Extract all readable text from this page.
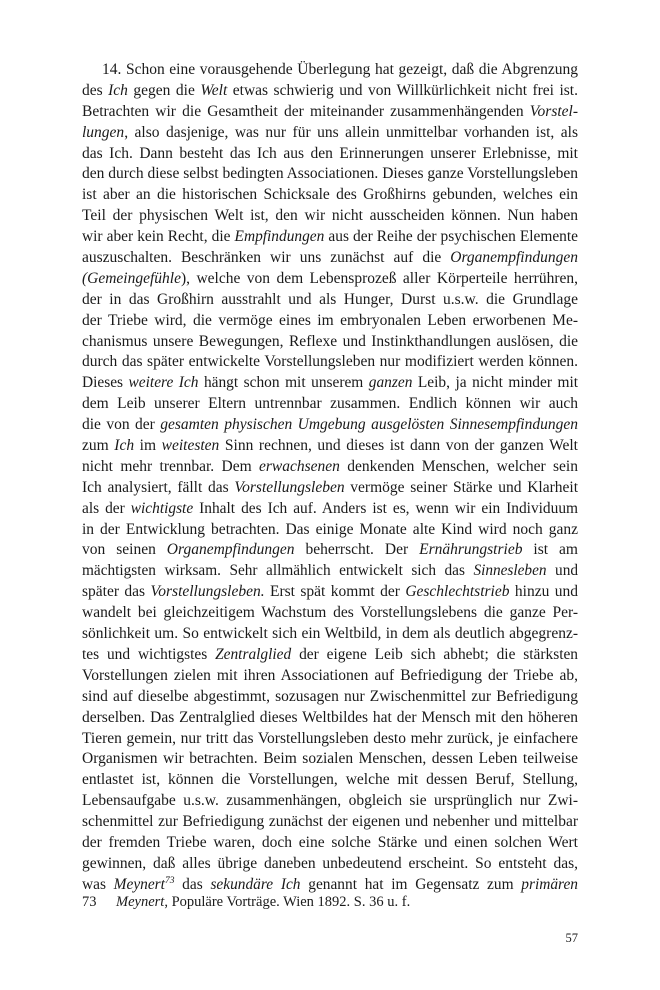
14. Schon eine vorausgehende Überlegung hat gezeigt, daß die Abgrenzung
des Ich gegen die Welt etwas schwierig und von Willkürlichkeit nicht frei ist.
Betrachten wir die Gesamtheit der miteinander zusammenhängenden Vorstel-
lungen, also dasjenige, was nur für uns allein unmittelbar vorhanden ist, als
das Ich. Dann besteht das Ich aus den Erinnerungen unserer Erlebnisse, mit
den durch diese selbst bedingten Associationen. Dieses ganze Vorstellungsleben
ist aber an die historischen Schicksale des Großhirns gebunden, welches ein
Teil der physischen Welt ist, den wir nicht ausscheiden können. Nun haben
wir aber kein Recht, die Empfindungen aus der Reihe der psychischen Elemente
auszuschalten. Beschränken wir uns zunächst auf die Organempfindungen
(Gemeingefühle), welche von dem Lebensprozeß aller Körperteile herrühren,
der in das Großhirn ausstrahlt und als Hunger, Durst u.s.w. die Grundlage
der Triebe wird, die vermöge eines im embryonalen Leben erworbenen Me-
chanismus unsere Bewegungen, Reflexe und Instinkthandlungen auslösen, die
durch das später entwickelte Vorstellungsleben nur modifiziert werden können.
Dieses weitere Ich hängt schon mit unserem ganzen Leib, ja nicht minder mit
dem Leib unserer Eltern untrennbar zusammen. Endlich können wir auch
die von der gesamten physischen Umgebung ausgelösten Sinnesempfindungen
zum Ich im weitesten Sinn rechnen, und dieses ist dann von der ganzen Welt
nicht mehr trennbar. Dem erwachsenen denkenden Menschen, welcher sein
Ich analysiert, fällt das Vorstellungsleben vermöge seiner Stärke und Klarheit
als der wichtigste Inhalt des Ich auf. Anders ist es, wenn wir ein Individuum
in der Entwicklung betrachten. Das einige Monate alte Kind wird noch ganz
von seinen Organempfindungen beherrscht. Der Ernährungstrieb ist am
mächtigsten wirksam. Sehr allmählich entwickelt sich das Sinnesleben und
später das Vorstellungsleben. Erst spät kommt der Geschlechtstrieb hinzu und
wandelt bei gleichzeitigem Wachstum des Vorstellungslebens die ganze Per-
sönlichkeit um. So entwickelt sich ein Weltbild, in dem als deutlich abgegrenz-
tes und wichtigstes Zentralglied der eigene Leib sich abhebt; die stärksten
Vorstellungen zielen mit ihren Associationen auf Befriedigung der Triebe ab,
sind auf dieselbe abgestimmt, sozusagen nur Zwischenmittel zur Befriedigung
derselben. Das Zentralglied dieses Weltbildes hat der Mensch mit den höheren
Tieren gemein, nur tritt das Vorstellungsleben desto mehr zurück, je einfachere
Organismen wir betrachten. Beim sozialen Menschen, dessen Leben teilweise
entlastet ist, können die Vorstellungen, welche mit dessen Beruf, Stellung,
Lebensaufgabe u.s.w. zusammenhängen, obgleich sie ursprünglich nur Zwi-
schenmittel zur Befriedigung zunächst der eigenen und nebenher und mittelbar
der fremden Triebe waren, doch eine solche Stärke und einen solchen Wert
gewinnen, daß alles übrige daneben unbedeutend erscheint. So entsteht das,
was Meynert$^{73}$ das sekundäre Ich genannt hat im Gegensatz zum primären
73 Meynert, Populäre Vorträge. Wien 1892. S. 36 u. f.
57
